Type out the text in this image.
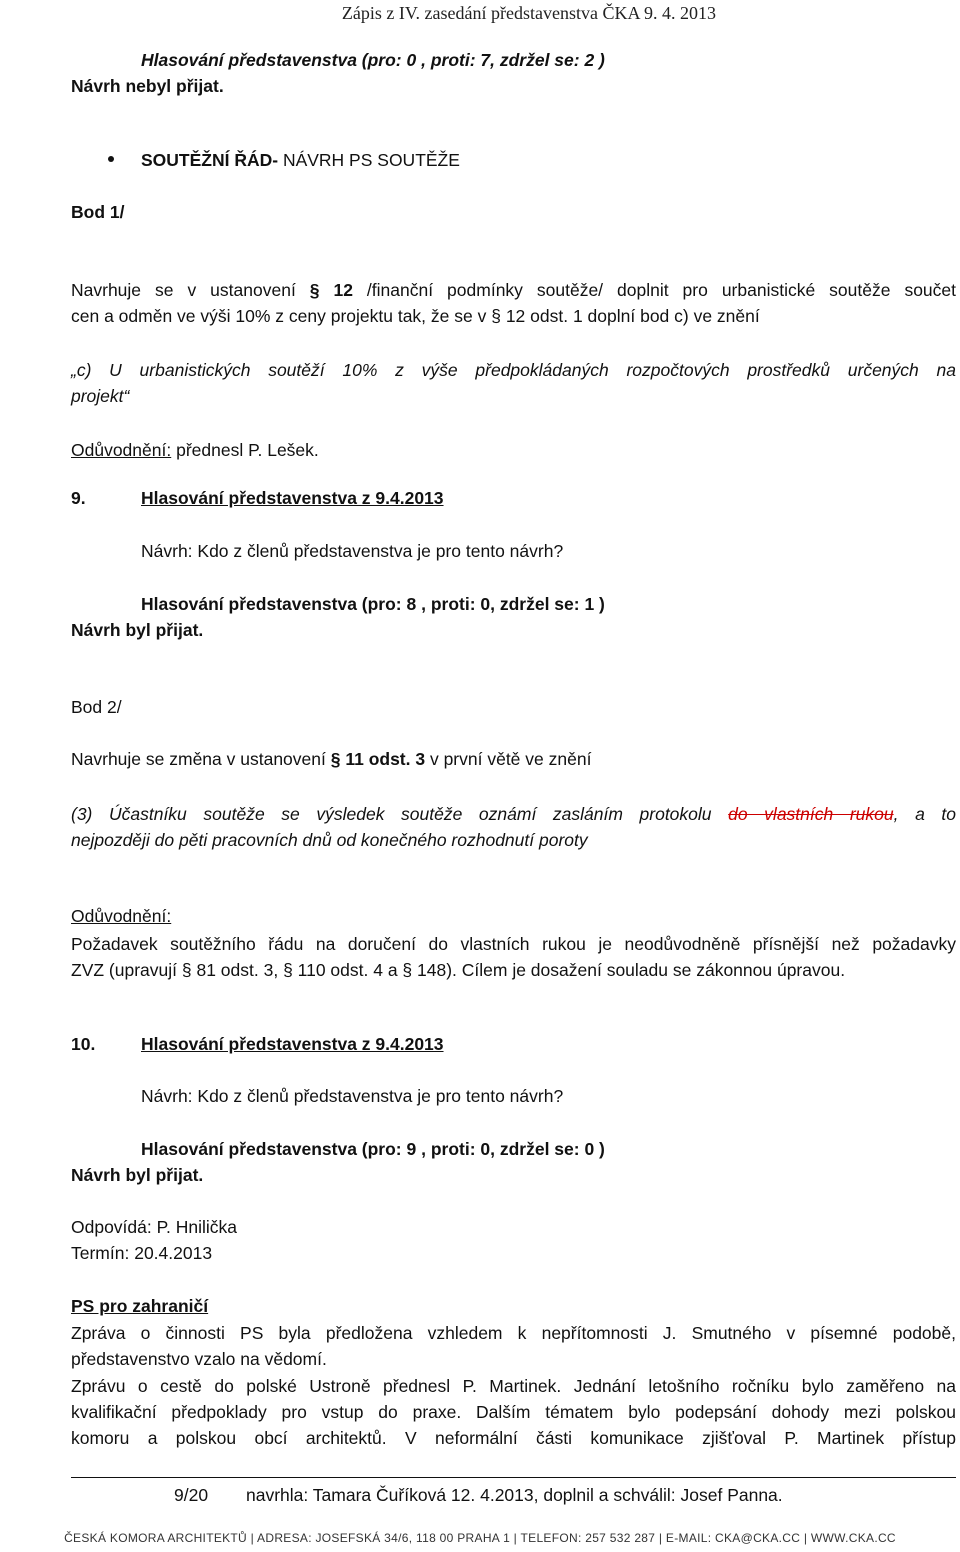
Zápis z IV. zasedání představenstva ČKA 9. 4. 2013
Hlasování představenstva (pro: 0 , proti: 7, zdržel se: 2 )
Návrh nebyl přijat.
SOUTĚŽNÍ ŘÁD- NÁVRH PS SOUTĚŽE
Bod 1/
Navrhuje se v ustanovení § 12 /finanční podmínky soutěže/ doplnit pro urbanistické soutěže součet
cen a odměn ve výši 10% z ceny projektu tak, že se v § 12 odst. 1 doplní bod c) ve znění
„c) U urbanistických soutěží 10% z výše předpokládaných rozpočtových prostředků určených na
projekt“
Odůvodnění: přednesl P. Lešek.
9.	Hlasování představenstva z 9.4.2013
Návrh: Kdo z členů představenstva je pro tento návrh?
Hlasování představenstva (pro: 8 , proti: 0, zdržel se: 1 )
Návrh byl přijat.
Bod 2/
Navrhuje se změna v ustanovení § 11 odst. 3 v první větě ve znění
(3) Účastníku soutěže se výsledek soutěže oznámí zasláním protokolu do vlastních rukou, a to
nejpozději do pěti pracovních dnů od konečného rozhodnutí poroty
Odůvodnění:
Požadavek soutěžního řádu na doručení do vlastních rukou je neodůvodněně přísnější než požadavky
ZVZ (upravují § 81 odst. 3, § 110 odst. 4 a § 148). Cílem je dosažení souladu se zákonnou úpravou.
10.	Hlasování představenstva z 9.4.2013
Návrh: Kdo z členů představenstva je pro tento návrh?
Hlasování představenstva (pro: 9 , proti: 0, zdržel se: 0 )
Návrh byl přijat.
Odpovídá: P. Hnilička
Termín: 20.4.2013
PS pro zahraničí
Zpráva o činnosti PS byla předložena vzhledem k nepřítomnosti J. Smutného v písemné podobě,
představenstvo vzalo na vědomí.
Zprávu o cestě do polské Ustroně přednesl P. Martinek. Jednání letošního ročníku bylo zaměřeno na
kvalifikační předpoklady pro vstup do praxe. Dalším tématem bylo podepsání dohody mezi polskou
komoru a polskou obcí architektů. V neformální části komunikace zjišťoval P. Martinek přístup
9/20 navrhla: Tamara Čuříková 12. 4.2013, doplnil a schválil: Josef Panna.
ČESKÁ KOMORA ARCHITEKTŮ | ADRESA: JOSEFSKÁ 34/6, 118 00 PRAHA 1 | TELEFON: 257 532 287 | E-MAIL: CKA@CKA.CC | WWW.CKA.CC
